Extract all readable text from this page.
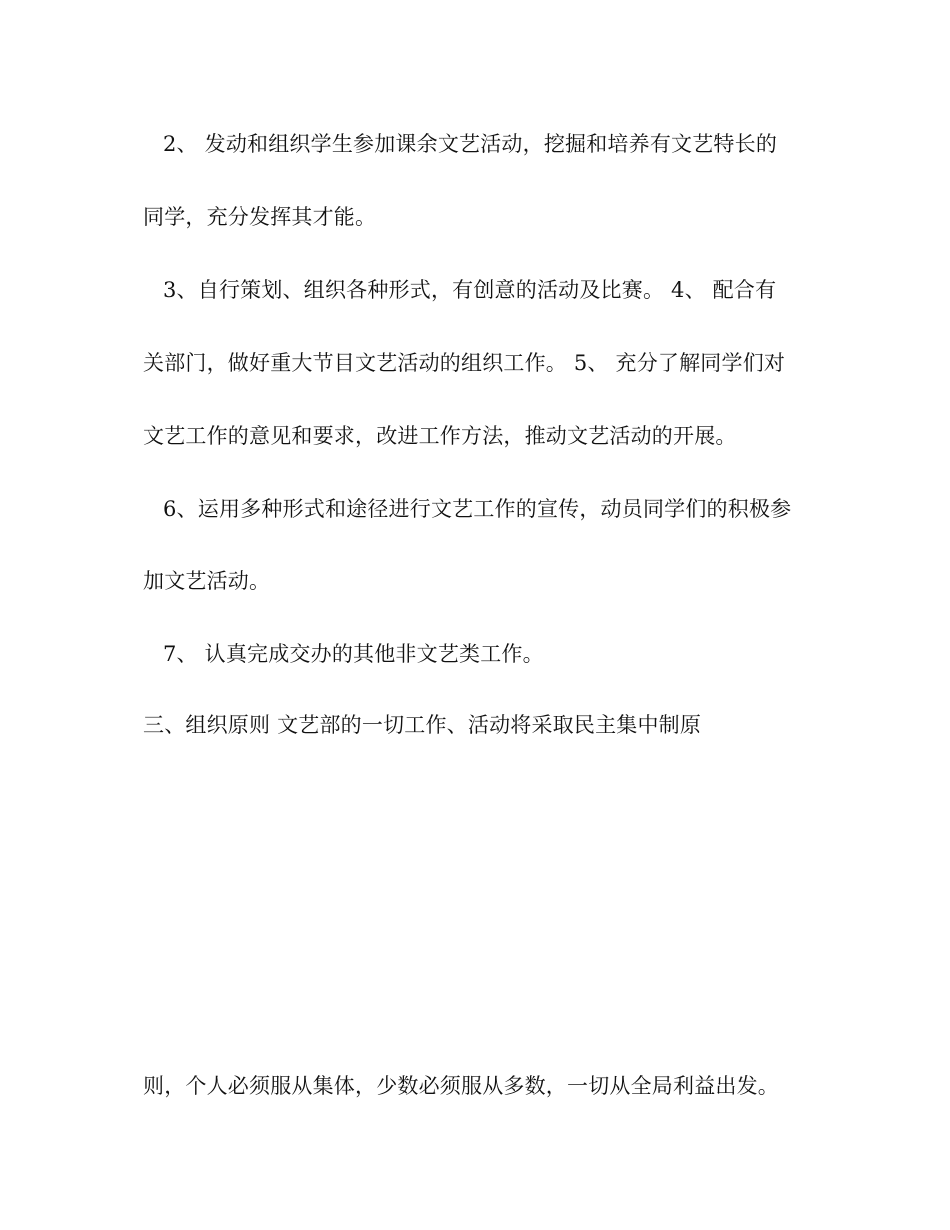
2、 发动和组织学生参加课余文艺活动，挖掘和培养有文艺特长的
同学，充分发挥其才能。
3、自行策划、组织各种形式，有创意的活动及比赛。 4、 配合有
关部门，做好重大节目文艺活动的组织工作。 5、 充分了解同学们对
文艺工作的意见和要求，改进工作方法，推动文艺活动的开展。
6、运用多种形式和途径进行文艺工作的宣传，动员同学们的积极参
加文艺活动。
7、 认真完成交办的其他非文艺类工作。
三、组织原则 文艺部的一切工作、活动将采取民主集中制原
则，个人必须服从集体，少数必须服从多数，一切从全局利益出发。
